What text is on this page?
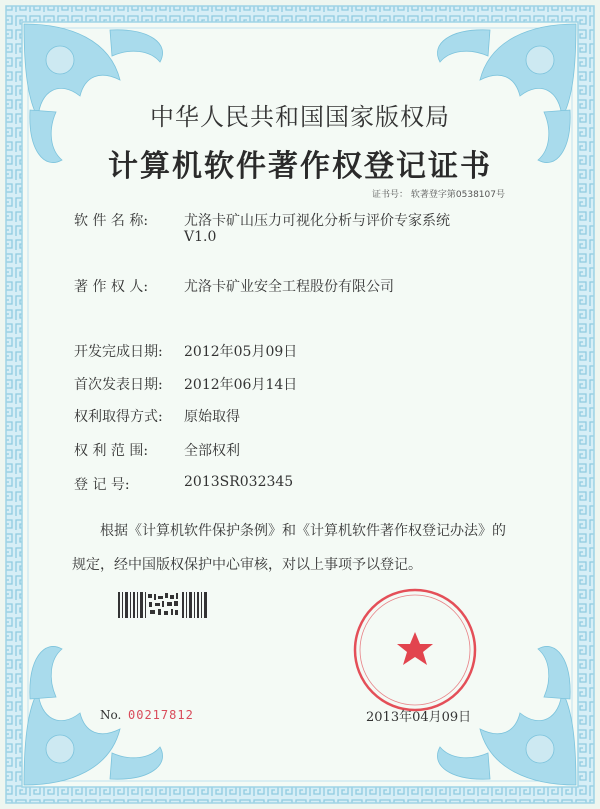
中华人民共和国国家版权局
计算机软件著作权登记证书
证书号： 软著登字第0538107号
软 件 名 称:	尤洛卡矿山压力可视化分析与评价专家系统
V1.0
著 作 权 人:	尤洛卡矿业安全工程股份有限公司
开发完成日期: 2012年05月09日
首次发表日期: 2012年06月14日
权利取得方式: 原始取得
权 利 范 围:	全部权利
登 记 号:	2013SR032345
根据《计算机软件保护条例》和《计算机软件著作权登记办法》的
规定，经中国版权保护中心审核，对以上事项予以登记。
No. 00217812	2013年04月09日
